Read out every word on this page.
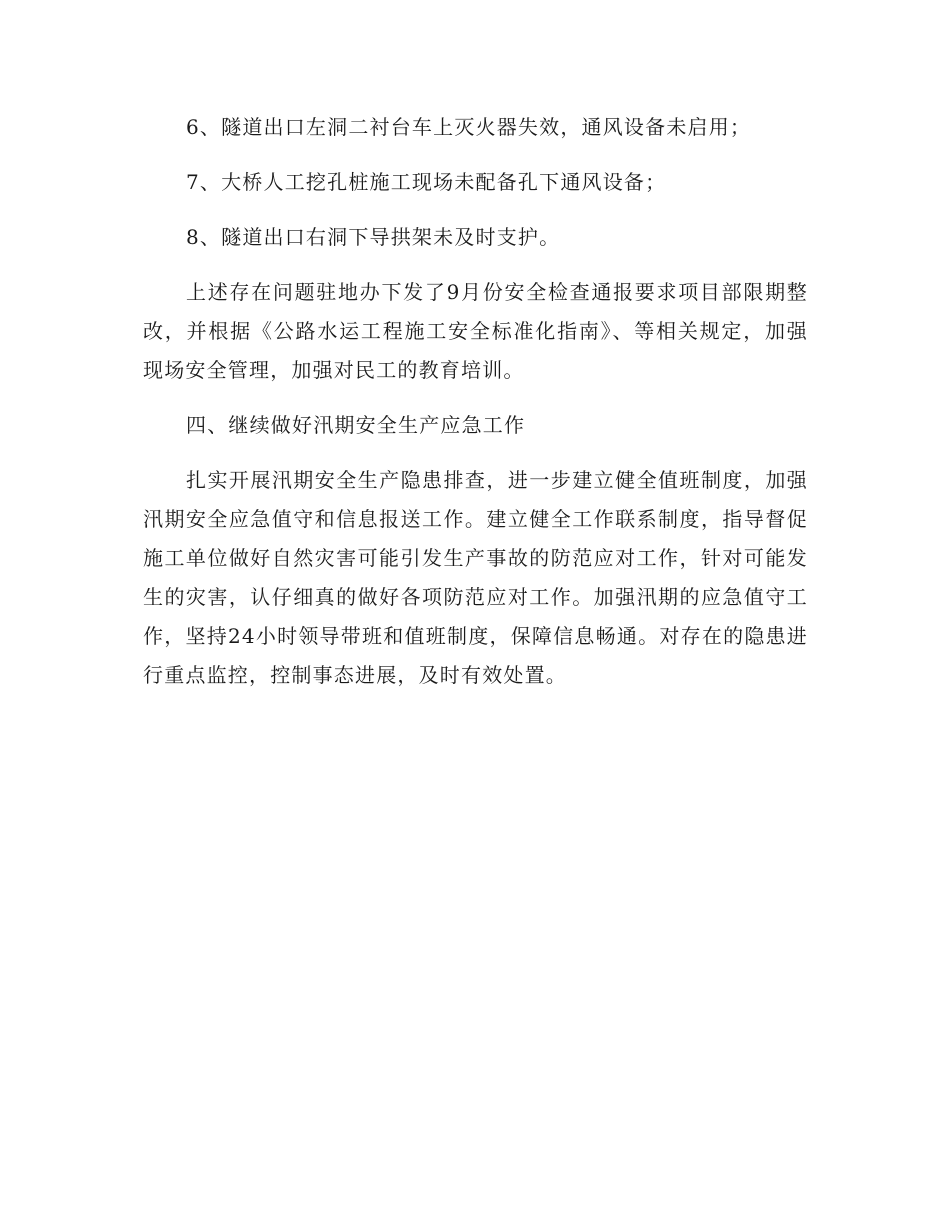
6、隧道出口左洞二衬台车上灭火器失效，通风设备未启用；

7、大桥人工挖孔桩施工现场未配备孔下通风设备；

8、隧道出口右洞下导拱架未及时支护。

上述存在问题驻地办下发了9月份安全检查通报要求项目部限期整改，并根据《公路水运工程施工安全标准化指南》、等相关规定，加强现场安全管理，加强对民工的教育培训。

四、继续做好汛期安全生产应急工作

扎实开展汛期安全生产隐患排查，进一步建立健全值班制度，加强汛期安全应急值守和信息报送工作。建立健全工作联系制度，指导督促施工单位做好自然灾害可能引发生产事故的防范应对工作，针对可能发生的灾害，认仔细真的做好各项防范应对工作。加强汛期的应急值守工作，坚持24小时领导带班和值班制度，保障信息畅通。对存在的隐患进行重点监控，控制事态进展，及时有效处置。
